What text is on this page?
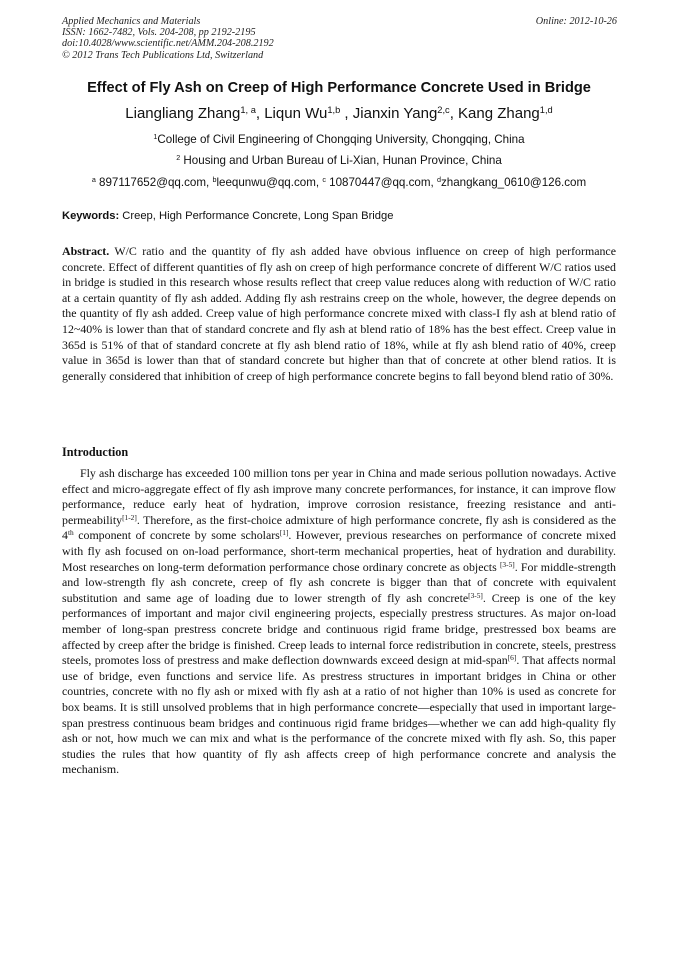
Applied Mechanics and Materials
ISSN: 1662-7482, Vols. 204-208, pp 2192-2195
doi:10.4028/www.scientific.net/AMM.204-208.2192
© 2012 Trans Tech Publications Ltd, Switzerland
Online: 2012-10-26
Effect of Fly Ash on Creep of High Performance Concrete Used in Bridge
Liangliang Zhang$^{1, a}$, Liqun Wu$^{1,b}$ , Jianxin Yang$^{2,c}$, Kang Zhang$^{1,d}$
$^1$College of Civil Engineering of Chongqing University, Chongqing, China
$^2$ Housing and Urban Bureau of Li-Xian, Hunan Province, China
$^a$ 897117652@qq.com, $^b$leequnwu@qq.com, $^c$ 10870447@qq.com, $^d$zhangkang_0610@126.com
Keywords: Creep, High Performance Concrete, Long Span Bridge
Abstract. W/C ratio and the quantity of fly ash added have obvious influence on creep of high performance concrete. Effect of different quantities of fly ash on creep of high performance concrete of different W/C ratios used in bridge is studied in this research whose results reflect that creep value reduces along with reduction of W/C ratio at a certain quantity of fly ash added. Adding fly ash restrains creep on the whole, however, the degree depends on the quantity of fly ash added. Creep value of high performance concrete mixed with class-I fly ash at blend ratio of 12~40% is lower than that of standard concrete and fly ash at blend ratio of 18% has the best effect. Creep value in 365d is 51% of that of standard concrete at fly ash blend ratio of 18%, while at fly ash blend ratio of 40%, creep value in 365d is lower than that of standard concrete but higher than that of concrete at other blend ratios. It is generally considered that inhibition of creep of high performance concrete begins to fall beyond blend ratio of 30%.
Introduction
Fly ash discharge has exceeded 100 million tons per year in China and made serious pollution nowadays. Active effect and micro-aggregate effect of fly ash improve many concrete performances, for instance, it can improve flow performance, reduce early heat of hydration, improve corrosion resistance, freezing resistance and anti-permeability[1-2]. Therefore, as the first-choice admixture of high performance concrete, fly ash is considered as the 4th component of concrete by some scholars[1]. However, previous researches on performance of concrete mixed with fly ash focused on on-load performance, short-term mechanical properties, heat of hydration and durability. Most researches on long-term deformation performance chose ordinary concrete as objects [3-5]. For middle-strength and low-strength fly ash concrete, creep of fly ash concrete is bigger than that of concrete with equivalent substitution and same age of loading due to lower strength of fly ash concrete[3-5]. Creep is one of the key performances of important and major civil engineering projects, especially prestress structures. As major on-load member of long-span prestress concrete bridge and continuous rigid frame bridge, prestressed box beams are affected by creep after the bridge is finished. Creep leads to internal force redistribution in concrete, steels, prestress steels, promotes loss of prestress and make deflection downwards exceed design at mid-span[6]. That affects normal use of bridge, even functions and service life. As prestress structures in important bridges in China or other countries, concrete with no fly ash or mixed with fly ash at a ratio of not higher than 10% is used as concrete for box beams. It is still unsolved problems that in high performance concrete—especially that used in important large-span prestress continuous beam bridges and continuous rigid frame bridges—whether we can add high-quality fly ash or not, how much we can mix and what is the performance of the concrete mixed with fly ash. So, this paper studies the rules that how quantity of fly ash affects creep of high performance concrete and analysis the mechanism.
